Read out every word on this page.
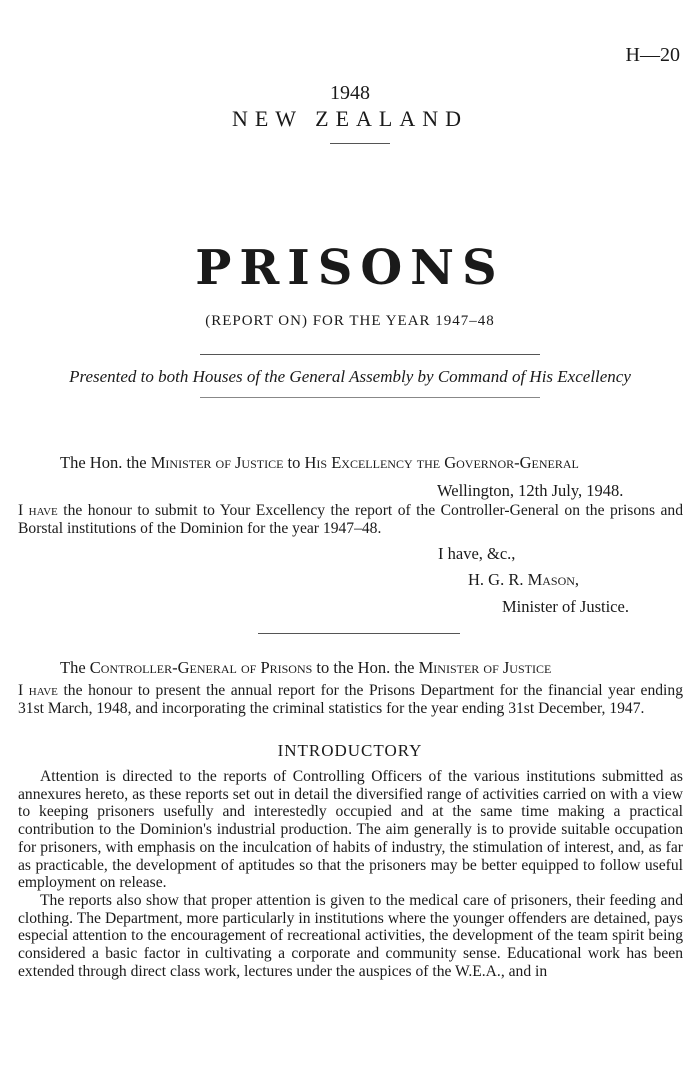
H—20
1948
NEW ZEALAND
PRISONS
(REPORT ON) FOR THE YEAR 1947–48
Presented to both Houses of the General Assembly by Command of His Excellency
The Hon. the Minister of Justice to His Excellency the Governor-General
Wellington, 12th July, 1948.

I have the honour to submit to Your Excellency the report of the Controller-General on the prisons and Borstal institutions of the Dominion for the year 1947–48.

I have, &c.,
H. G. R. Mason,
Minister of Justice.
The Controller-General of Prisons to the Hon. the Minister of Justice

I have the honour to present the annual report for the Prisons Department for the financial year ending 31st March, 1948, and incorporating the criminal statistics for the year ending 31st December, 1947.

INTRODUCTORY

Attention is directed to the reports of Controlling Officers of the various institutions submitted as annexures hereto, as these reports set out in detail the diversified range of activities carried on with a view to keeping prisoners usefully and interestedly occupied and at the same time making a practical contribution to the Dominion's industrial production. The aim generally is to provide suitable occupation for prisoners, with emphasis on the inculcation of habits of industry, the stimulation of interest, and, as far as practicable, the development of aptitudes so that the prisoners may be better equipped to follow useful employment on release.

The reports also show that proper attention is given to the medical care of prisoners, their feeding and clothing. The Department, more particularly in institutions where the younger offenders are detained, pays especial attention to the encouragement of recreational activities, the development of the team spirit being considered a basic factor in cultivating a corporate and community sense. Educational work has been extended through direct class work, lectures under the auspices of the W.E.A., and in
